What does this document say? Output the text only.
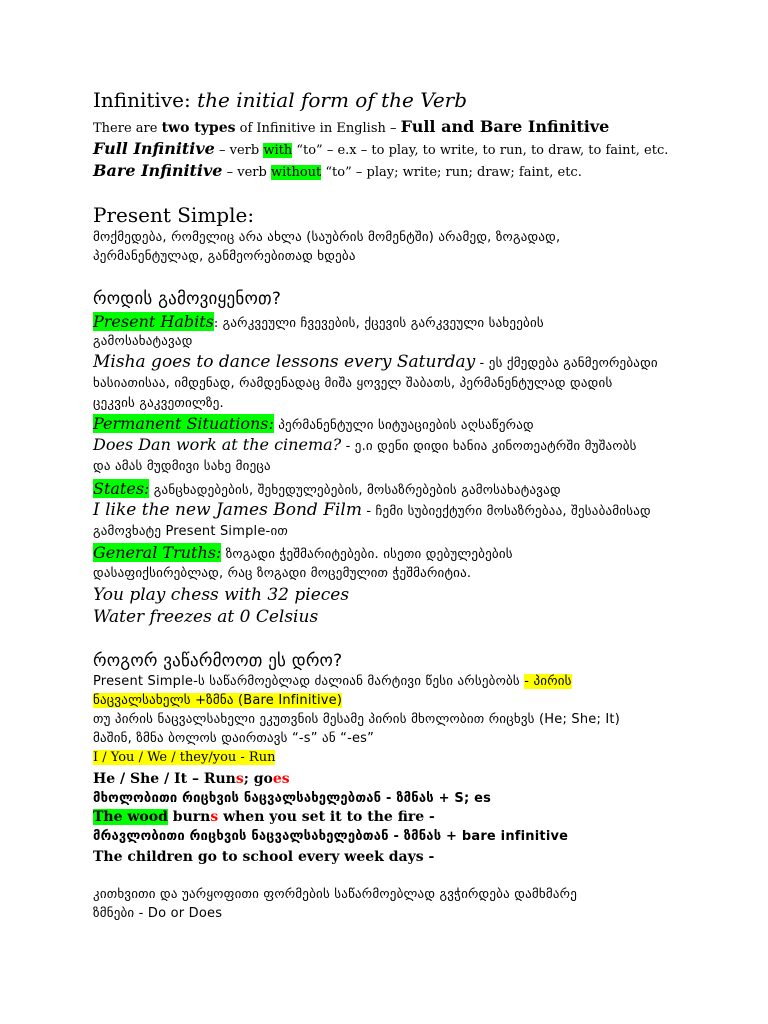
Infinitive: the initial form of the Verb
There are two types of Infinitive in English – Full and Bare Infinitive
Full Infinitive – verb with “to” – e.x – to play, to write, to run, to draw, to faint, etc.
Bare Infinitive – verb without “to” – play; write; run; draw; faint, etc.
Present Simple:
მოქმედება, რომელიც არა ახლა (საუბრის მომენტში) არამედ, ზოგადად,
პერმანენტულად, განმეორებითად ხდება
როდის გამოვიყენოთ?
Present Habits: გარკვეული ჩვევების, ქცევის გარკვეული სახეების
გამოსახატავად
Misha goes to dance lessons every Saturday - ეს ქმედება განმეორებადი
ხასიათისაა, იმდენად, რამდენადაც მიშა ყოველ შაბათს, პერმანენტულად დადის
ცეკვის გაკვეთილზე.
Permanent Situations: პერმანენტული სიტუაციების აღსაწერად
Does Dan work at the cinema? - ე.ი დენი დიდი ხანია კინოთეატრში მუშაობს
და ამას მუდმივი სახე მიეცა
States: განცხადებების, შეხედულებების, მოსაზრებების გამოსახატავად
I like the new James Bond Film - ჩემი სუბიექტური მოსაზრებაა, შესაბამისად
გამოვხატე Present Simple-ით
General Truths: ზოგადი ჭეშმარიტებები. ისეთი დებულებების
დასაფიქსირებლად, რაც ზოგადი მოცემულით ჭეშმარიტია.
You play chess with 32 pieces
Water freezes at 0 Celsius
როგორ ვაწარმოოთ ეს დრო?
Present Simple-ს საწარმოებლად ძალიან მარტივი წესი არსებობს - პირის
ნაცვალსახელს +ზმნა (Bare Infinitive)
თუ პირის ნაცვალსახელი ეკუთვნის მესამე პირის მხოლობით რიცხვს (He; She; It)
მაშინ, ზმნა ბოლოს დაირთავს “-s” ან “-es”
I / You / We / they/you - Run
He / She / It – Runs; goes
მხოლობითი რიცხვის ნაცვალსახელებთან - ზმნას + S; es
The wood burns when you set it to the fire -
მრავლობითი რიცხვის ნაცვალსახელებთან - ზმნას + bare infinitive
The children go to school every week days -
კითხვითი და უარყოფითი ფორმების საწარმოებლად გვჭირდება დამხმარე
ზმნები - Do or Does
